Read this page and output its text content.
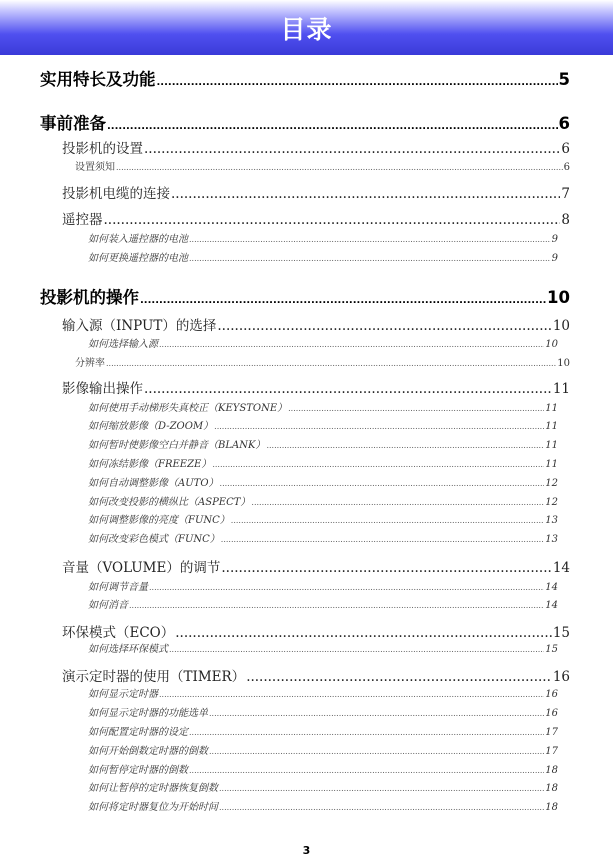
目录
实用特长及功能 .....	5
事前准备 .....	6
投影机的设置 .....	6
设置须知 .....	6
投影机电缆的连接 .....	7
遥控器 .....	8
如何装入遥控器的电池 .....	9
如何更换遥控器的电池 .....	9
投影机的操作 .....	10
输入源（INPUT）的选择 .....	10
如何选择输入源 .....	10
分辨率 .....	10
影像输出操作 .....	11
如何使用手动梯形失真校正（KEYSTONE） .....	11
如何缩放影像（D-ZOOM） .....	11
如何暂时使影像空白并静音（BLANK） .....	11
如何冻结影像（FREEZE） .....	11
如何自动调整影像（AUTO） .....	12
如何改变投影的横纵比（ASPECT） .....	12
如何调整影像的亮度（FUNC） .....	13
如何改变彩色模式（FUNC） .....	13
音量（VOLUME）的调节 .....	14
如何调节音量 .....	14
如何消音 .....	14
环保模式（ECO） .....	15
如何选择环保模式 .....	15
演示定时器的使用（TIMER） .....	16
如何显示定时器 .....	16
如何显示定时器的功能选单 .....	16
如何配置定时器的设定 .....	17
如何开始倒数定时器的倒数 .....	17
如何暂停定时器的倒数 .....	18
如何让暂停的定时器恢复倒数 .....	18
如何将定时器复位为开始时间 .....	18
3
